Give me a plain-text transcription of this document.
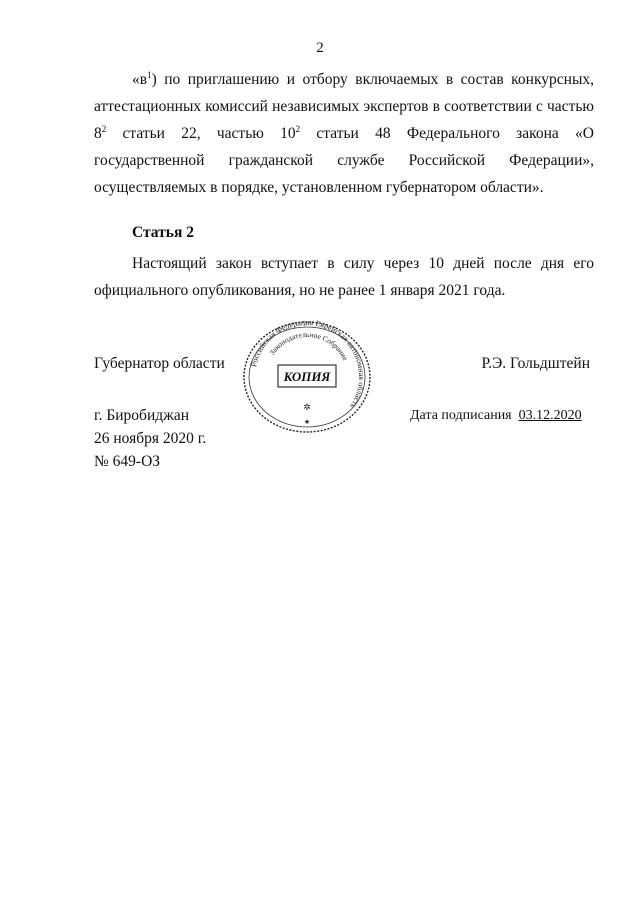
2

«$в^1$) по приглашению и отбору включаемых в состав конкурсных, аттестационных комиссий независимых экспертов в соответствии с частью $8^2$ статьи 22, частью $10^2$ статьи 48 Федерального закона «О государственной гражданской службе Российской Федерации», осуществляемых в порядке, установленном губернатором области».

Статья 2

Настоящий закон вступает в силу через 10 дней после дня его официального опубликования, но не ранее 1 января 2021 года.

Губернатор области	Р.Э. Гольдштейн
г. Биробиджан
26 ноября 2020 г.
№ 649-ОЗ
Дата подписания 03.12.2020
Российская Федерация Еврейская автономная область
Законодательное Собрание
КОПИЯ
✲
★
